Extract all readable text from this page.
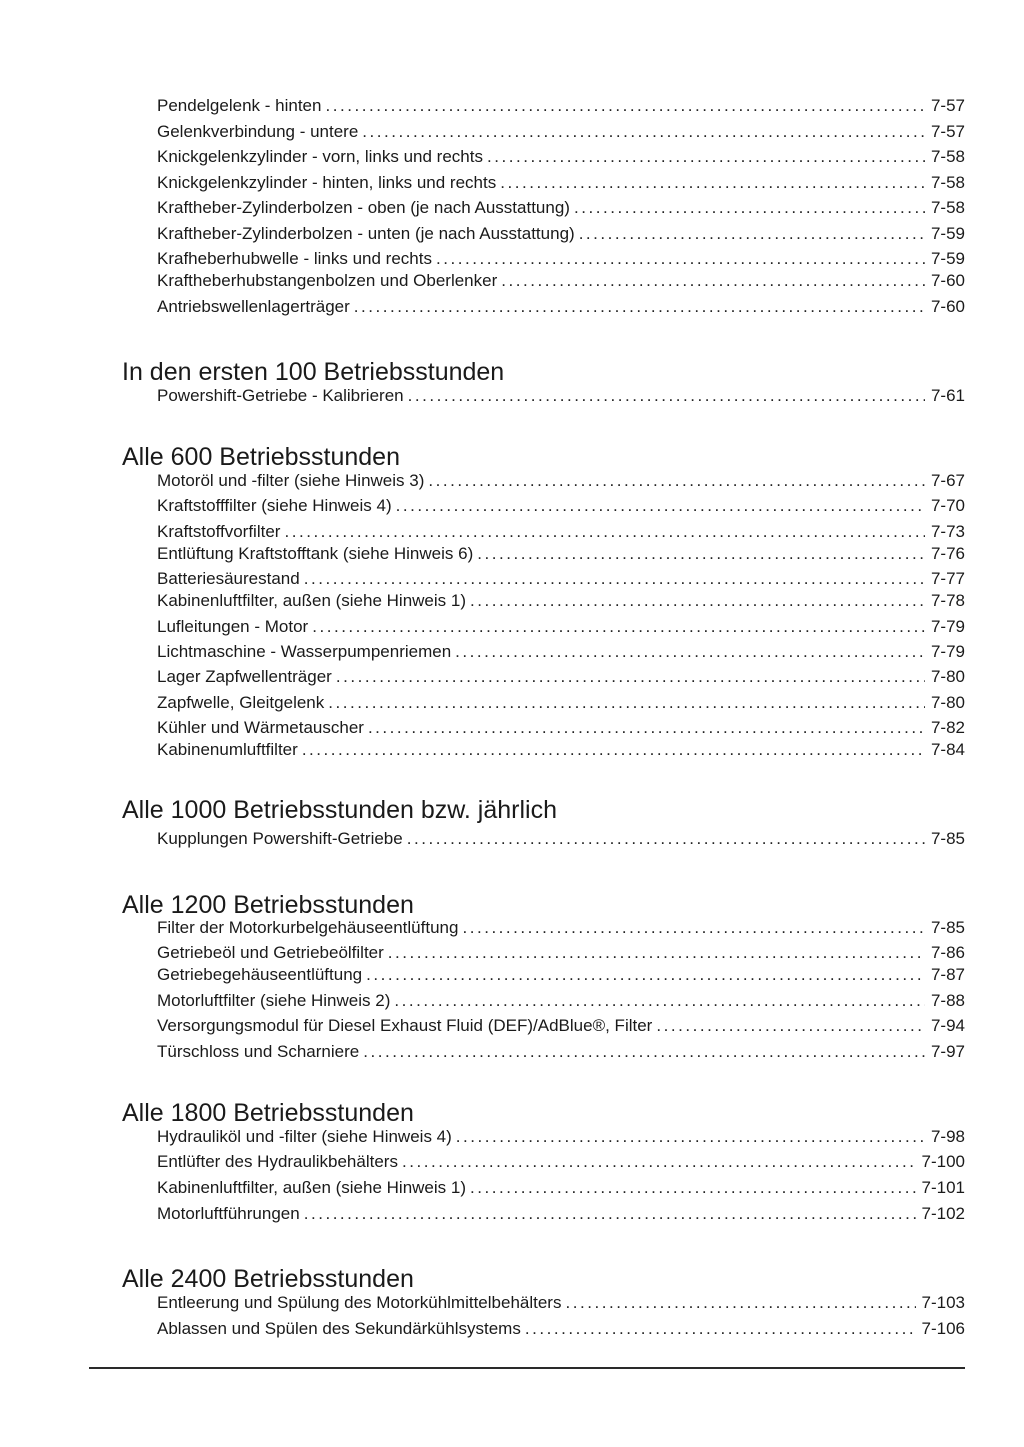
Pendelgelenk - hinten . . .	7-57
Gelenkverbindung - untere . . .	7-57
Knickgelenkzylinder - vorn, links und rechts . . .	7-58
Knickgelenkzylinder - hinten, links und rechts . . .	7-58
Kraftheber-Zylinderbolzen - oben (je nach Ausstattung) . . .	7-58
Kraftheber-Zylinderbolzen - unten (je nach Ausstattung) . . .	7-59
Krafheberhubwelle - links und rechts . . .	7-59
Kraftheberhubstangenbolzen und Oberlenker . . .	7-60
Antriebswellenlagerträger . . .	7-60
In den ersten 100 Betriebsstunden
Powershift-Getriebe - Kalibrieren . . .	7-61
Alle 600 Betriebsstunden
Motoröl und -filter (siehe Hinweis 3) . . .	7-67
Kraftstofffilter (siehe Hinweis 4) . . .	7-70
Kraftstoffvorfilter . . .	7-73
Entlüftung Kraftstofftank (siehe Hinweis 6) . . .	7-76
Batteriesäurestand . . .	7-77
Kabinenluftfilter, außen (siehe Hinweis 1) . . .	7-78
Lufleitungen - Motor . . .	7-79
Lichtmaschine - Wasserpumpenriemen . . .	7-79
Lager Zapfwellenträger . . .	7-80
Zapfwelle, Gleitgelenk . . .	7-80
Kühler und Wärmetauscher . . .	7-82
Kabinenumluftfilter . . .	7-84
Alle 1000 Betriebsstunden bzw. jährlich
Kupplungen Powershift-Getriebe . . .	7-85
Alle 1200 Betriebsstunden
Filter der Motorkurbelgehäuseentlüftung . . .	7-85
Getriebeöl und Getriebeölfilter . . .	7-86
Getriebegehäuseentlüftung . . .	7-87
Motorluftfilter (siehe Hinweis 2) . . .	7-88
Versorgungsmodul für Diesel Exhaust Fluid (DEF)/AdBlue®, Filter . . .	7-94
Türschloss und Scharniere . . .	7-97
Alle 1800 Betriebsstunden
Hydrauliköl und -filter (siehe Hinweis 4) . . .	7-98
Entlüfter des Hydraulikbehälters . . .	7-100
Kabinenluftfilter, außen (siehe Hinweis 1) . . .	7-101
Motorluftführungen . . .	7-102
Alle 2400 Betriebsstunden
Entleerung und Spülung des Motorkühlmittelbehälters . . .	7-103
Ablassen und Spülen des Sekundärkühlsystems . . .	7-106
